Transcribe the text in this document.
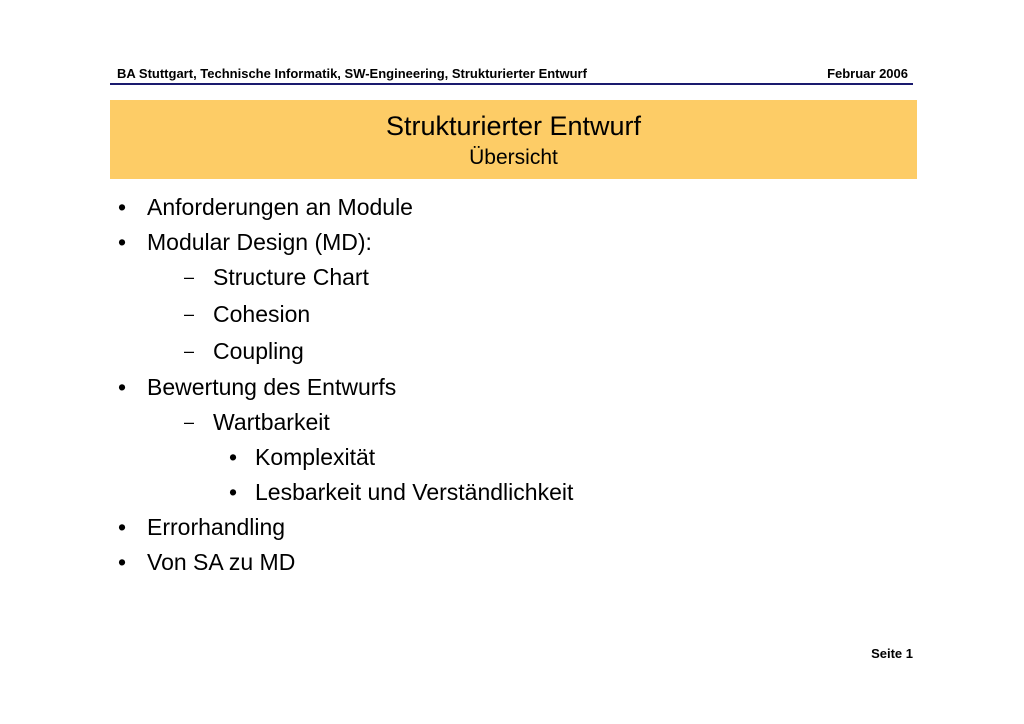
BA Stuttgart, Technische Informatik, SW-Engineering, Strukturierter Entwurf	Februar 2006
Strukturierter Entwurf
Übersicht
• Anforderungen an Module
• Modular Design (MD):
– Structure Chart
– Cohesion
– Coupling
• Bewertung des Entwurfs
– Wartbarkeit
• Komplexität
• Lesbarkeit und Verständlichkeit
• Errorhandling
• Von SA zu MD
Seite 1
